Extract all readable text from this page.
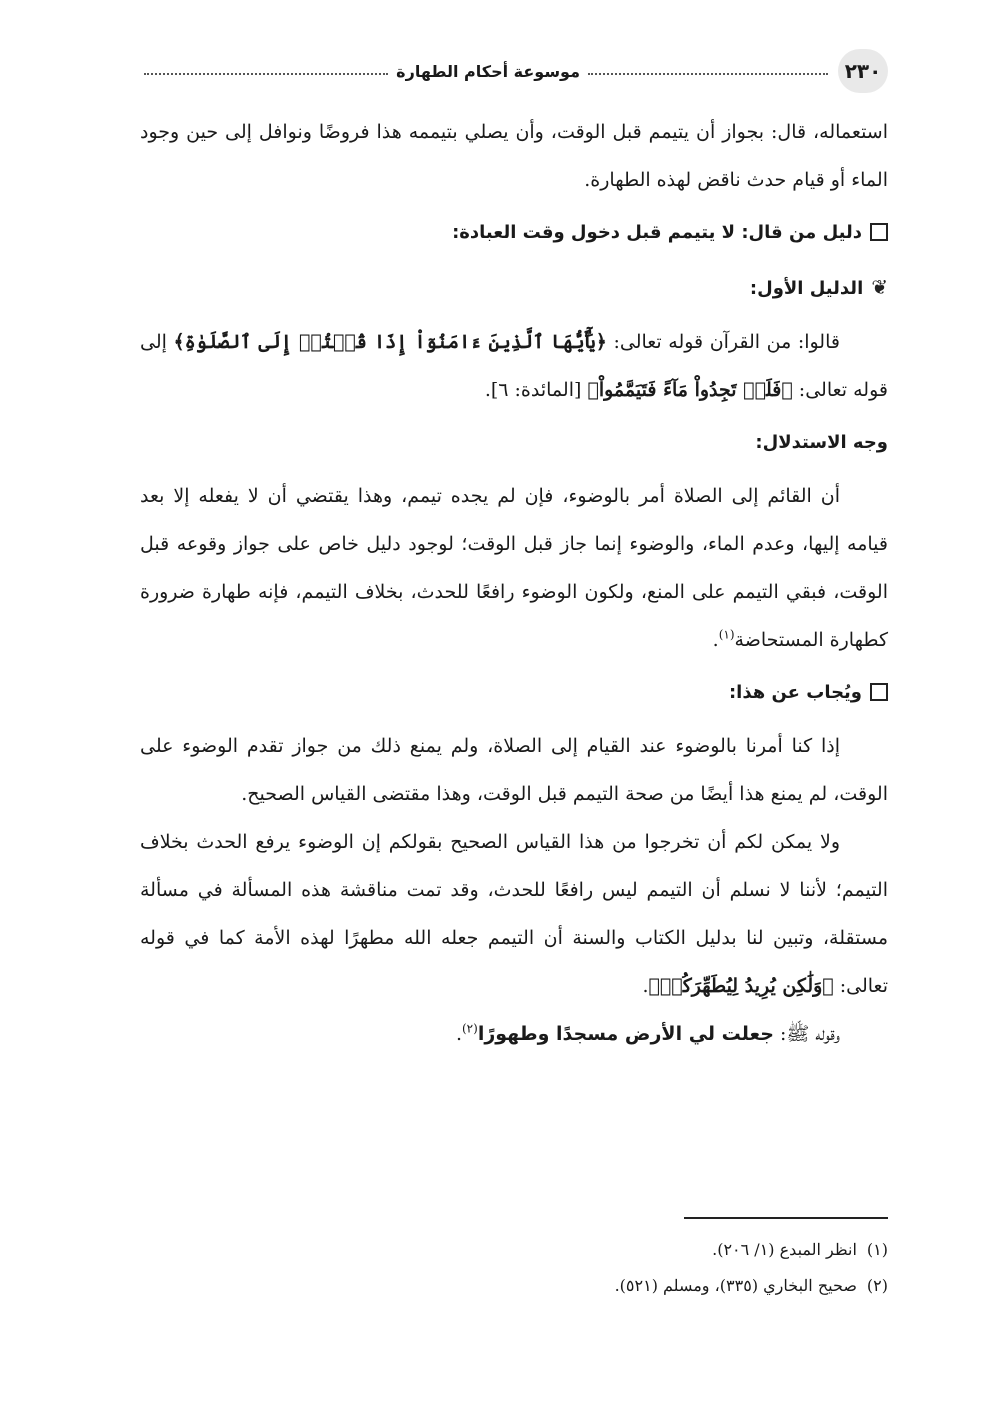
٢٣٠
موسوعة أحكام الطهارة

استعماله، قال: بجواز أن يتيمم قبل الوقت، وأن يصلي بتيممه هذا فروضًا ونوافل إلى حين وجود الماء أو قيام حدث ناقض لهذه الطهارة.

دليل من قال: لا يتيمم قبل دخول وقت العبادة:
❦الدليل الأول:

قالوا: من القرآن قوله تعالى: ﴿يَٰٓأَيُّهَا ٱلَّذِينَ ءَامَنُوٓاْ إِذَا قُمۡتُمۡ إِلَى ٱلصَّلَوٰةِ﴾ إلى قوله تعالى: ﴿فَلَمۡ تَجِدُواْ مَآءً فَتَيَمَّمُواْ﴾ [المائدة: ٦].

وجه الاستدلال:

أن القائم إلى الصلاة أمر بالوضوء، فإن لم يجده تيمم، وهذا يقتضي أن لا يفعله إلا بعد قيامه إليها، وعدم الماء، والوضوء إنما جاز قبل الوقت؛ لوجود دليل خاص على جواز وقوعه قبل الوقت، فبقي التيمم على المنع، ولكون الوضوء رافعًا للحدث، بخلاف التيمم، فإنه طهارة ضرورة كطهارة المستحاضة$^{(١)}$.

ويُجاب عن هذا:

إذا كنا أمرنا بالوضوء عند القيام إلى الصلاة، ولم يمنع ذلك من جواز تقدم الوضوء على الوقت، لم يمنع هذا أيضًا من صحة التيمم قبل الوقت، وهذا مقتضى القياس الصحيح.

ولا يمكن لكم أن تخرجوا من هذا القياس الصحيح بقولكم إن الوضوء يرفع الحدث بخلاف التيمم؛ لأننا لا نسلم أن التيمم ليس رافعًا للحدث، وقد تمت مناقشة هذه المسألة في مسألة مستقلة، وتبين لنا بدليل الكتاب والسنة أن التيمم جعله الله مطهرًا لهذه الأمة كما في قوله تعالى: ﴿وَلَٰكِن يُرِيدُ لِيُطَهِّرَكُمۡ﴾.

وقوله ﷺ: جعلت لي الأرض مسجدًا وطهورًا$^{(٢)}$.

(١)انظر المبدع (١/ ٢٠٦).

(٢)صحيح البخاري (٣٣٥)، ومسلم (٥٢١).
